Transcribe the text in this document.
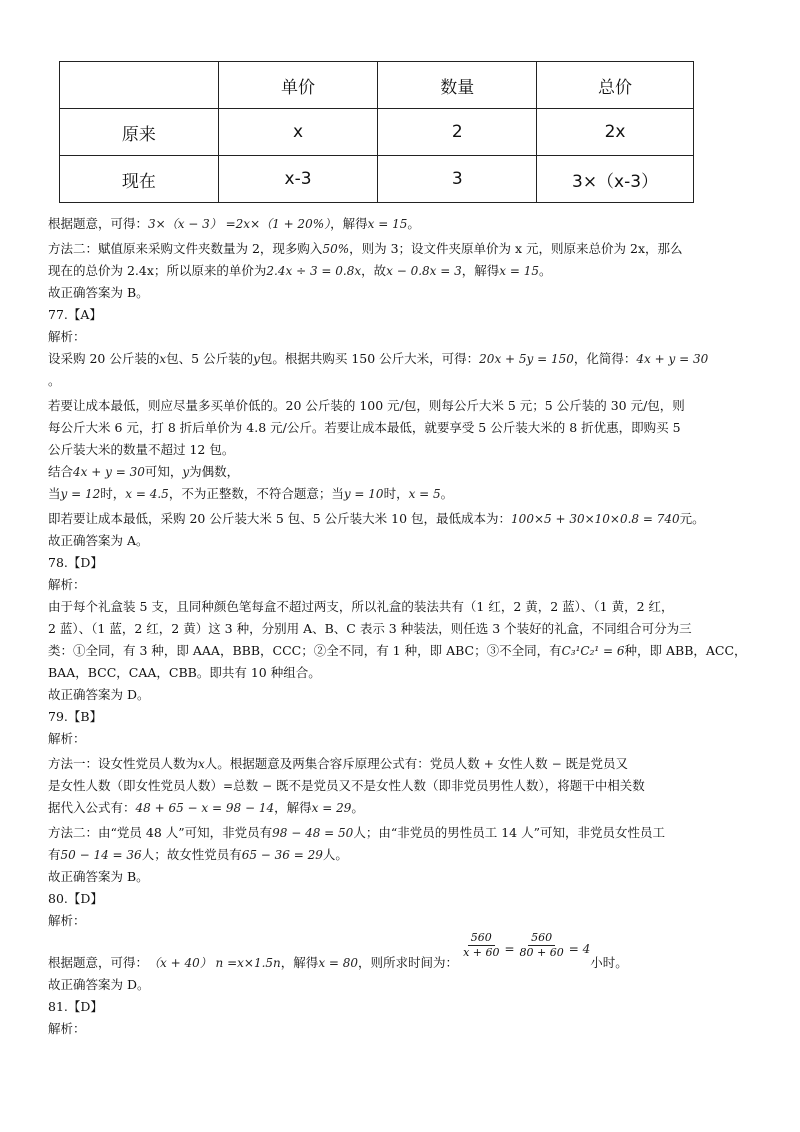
	单价	数量	总价
原来	x	2	2x
现在	x-3	3	3×（x-3）
根据题意，可得：3×（x − 3） =2x×（1 + 20%），解得x = 15。
方法二：赋值原来采购文件夹数量为 2，现多购入50%，则为 3；设文件夹原单价为 x 元，则原来总价为 2x，那么
现在的总价为 2.4x；所以原来的单价为2.4x ÷ 3 = 0.8x，故x − 0.8x = 3，解得x = 15。
故正确答案为 B。
77.【A】
解析：
设采购 20 公斤装的x包、5 公斤装的y包。根据共购买 150 公斤大米，可得：20x + 5y = 150，化简得：4x + y = 30
。
若要让成本最低，则应尽量多买单价低的。20 公斤装的 100 元/包，则每公斤大米 5 元；5 公斤装的 30 元/包，则
每公斤大米 6 元，打 8 折后单价为 4.8 元/公斤。若要让成本最低，就要享受 5 公斤装大米的 8 折优惠，即购买 5
公斤装大米的数量不超过 12 包。
结合4x + y = 30可知，y为偶数，
当y = 12时，x = 4.5，不为正整数，不符合题意；当y = 10时，x = 5。
即若要让成本最低，采购 20 公斤装大米 5 包、5 公斤装大米 10 包，最低成本为：100×5 + 30×10×0.8 = 740元。
故正确答案为 A。
78.【D】
解析：
由于每个礼盒装 5 支，且同种颜色笔每盒不超过两支，所以礼盒的装法共有（1 红，2 黄，2 蓝）、（1 黄，2 红，
2 蓝）、（1 蓝，2 红，2 黄）这 3 种，分别用 A、B、C 表示 3 种装法，则任选 3 个装好的礼盒，不同组合可分为三
类：①全同，有 3 种，即 AAA，BBB，CCC；②全不同，有 1 种，即 ABC；③不全同，有C₃¹C₂¹ = 6种，即 ABB，ACC，
BAA，BCC，CAA，CBB。即共有 10 种组合。
故正确答案为 D。
79.【B】
解析：
方法一：设女性党员人数为x人。根据题意及两集合容斥原理公式有：党员人数 + 女性人数 − 既是党员又
是女性人数（即女性党员人数）=总数 − 既不是党员又不是女性人数（即非党员男性人数），将题干中相关数
据代入公式有：48 + 65 − x = 98 − 14，解得x = 29。
方法二：由“党员 48 人”可知，非党员有98 − 48 = 50人；由“非党员的男性员工 14 人”可知，非党员女性员工
有50 − 14 = 36人；故女性党员有65 − 36 = 29人。
故正确答案为 B。
80.【D】
解析：
根据题意，可得： （x + 40） n =x×1.5n ，解得 x = 80 ，则所求时间为：
$\frac{560}{x + 60} = \frac{560}{80 + 60} = 4$
小时。
故正确答案为 D。
81.【D】
解析：
